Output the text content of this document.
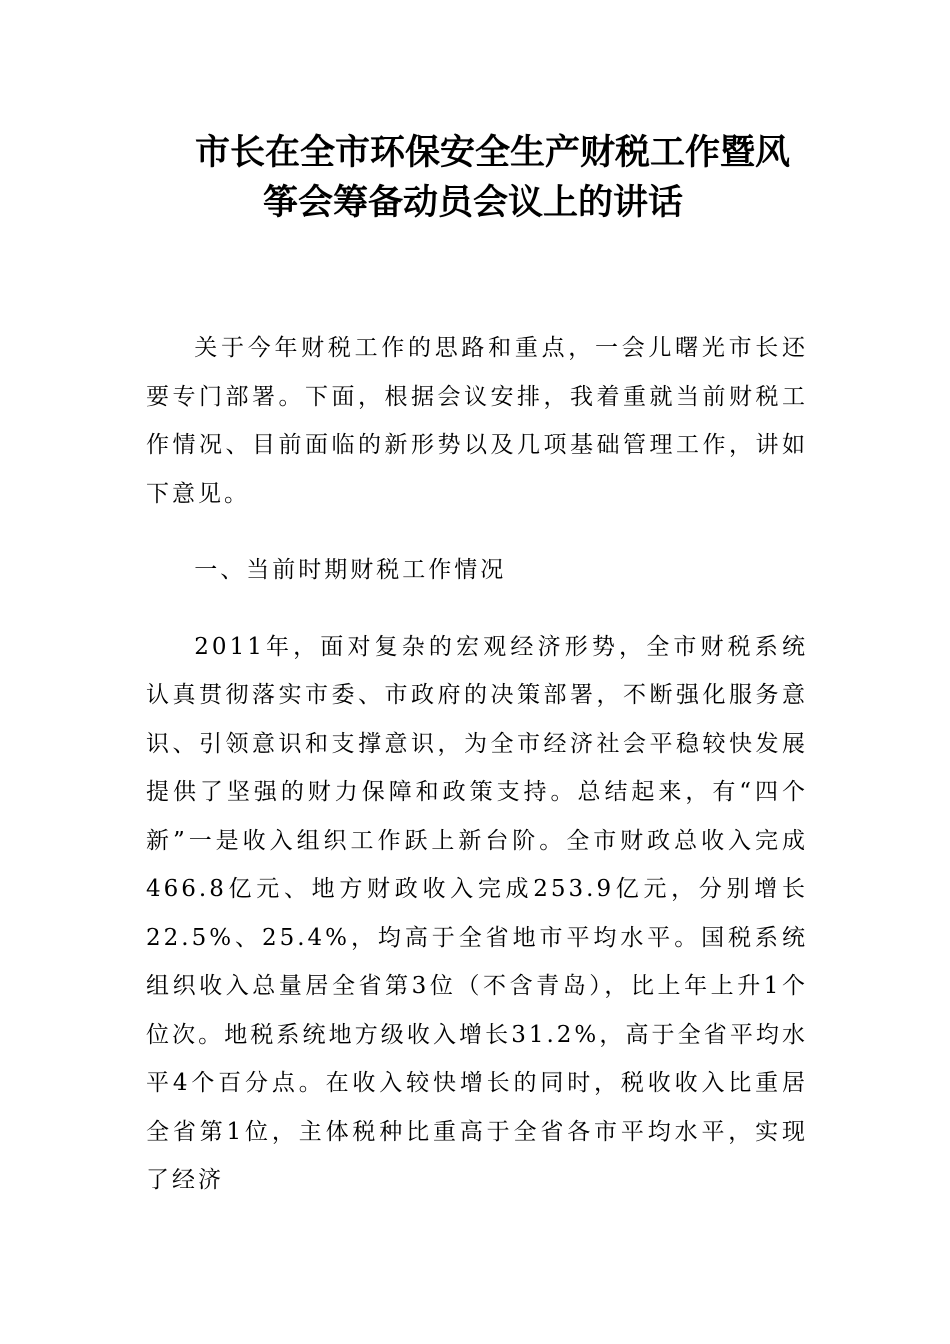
市长在全市环保安全生产财税工作暨风
筝会筹备动员会议上的讲话

关于今年财税工作的思路和重点，一会儿曙光市长还要专门部署。下面，根据会议安排，我着重就当前财税工作情况、目前面临的新形势以及几项基础管理工作，讲如下意见。

一、当前时期财税工作情况

2011年，面对复杂的宏观经济形势，全市财税系统认真贯彻落实市委、市政府的决策部署，不断强化服务意识、引领意识和支撑意识，为全市经济社会平稳较快发展提供了坚强的财力保障和政策支持。总结起来，有“四个新”一是收入组织工作跃上新台阶。全市财政总收入完成466.8亿元、地方财政收入完成253.9亿元，分别增长22.5%、25.4%，均高于全省地市平均水平。国税系统组织收入总量居全省第3位（不含青岛），比上年上升1个位次。地税系统地方级收入增长31.2%，高于全省平均水平4个百分点。在收入较快增长的同时，税收收入比重居全省第1位，主体税种比重高于全省各市平均水平，实现了经济
